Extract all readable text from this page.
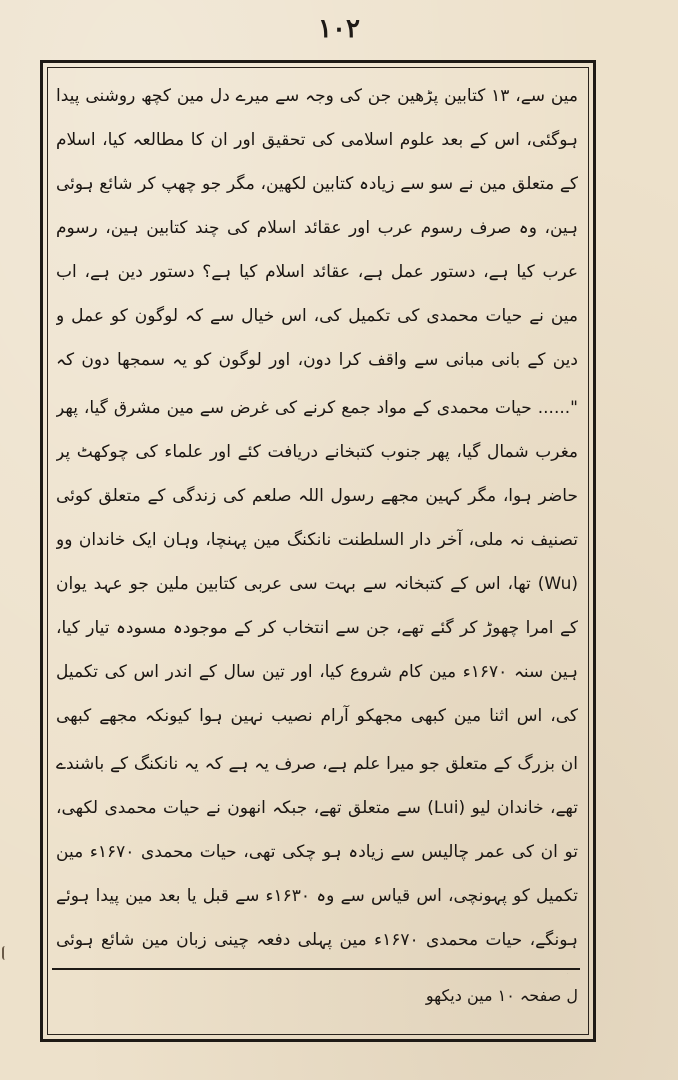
۱۰۲

مین سے، ۱۳ کتابین پڑھین جن کی وجہ سے میرے دل مین کچھ روشنی پیدا ہوگئی، اس کے بعد علوم اسلامی کی تحقیق اور ان کا مطالعہ کیا، اسلام کے متعلق مین نے سو سے زیادہ کتابین لکھین، مگر جو چھپ کر شائع ہوئی ہین، وہ صرف رسوم عرب اور عقائد اسلام کی چند کتابین ہین، رسوم عرب کیا ہے، دستور عمل ہے، عقائد اسلام کیا ہے؟ دستور دین ہے، اب مین نے حیات محمدی کی تکمیل کی، اس خیال سے کہ لوگون کو عمل و دین کے بانی مبانی سے واقف کرا دون، اور لوگون کو یہ سمجھا دون کہ

"...... حیات محمدی کے مواد جمع کرنے کی غرض سے مین مشرق گیا، پھر مغرب شمال گیا، پھر جنوب کتبخانے دریافت کئے اور علماء کی چوکھٹ پر حاضر ہوا، مگر کہین مجھے رسول اللہ صلعم کی زندگی کے متعلق کوئی تصنیف نہ ملی، آخر دار السلطنت نانکنگ مین پہنچا، وہان ایک خاندان وو (Wu) تھا، اس کے کتبخانہ سے بہت سی عربی کتابین ملین جو عہد یوان کے امرا چھوڑ کر گئے تھے، جن سے انتخاب کر کے موجودہ مسودہ تیار کیا، ہین سنہ ۱۶۷۰ء مین کام شروع کیا، اور تین سال کے اندر اس کی تکمیل کی، اس اثنا مین کبھی مجھکو آرام نصیب نہین ہوا کیونکہ مجھے کبھی

ان بزرگ کے متعلق جو میرا علم ہے، صرف یہ ہے کہ یہ نانکنگ کے باشندے تھے، خاندان لیو (Lui) سے متعلق تھے، جبکہ انھون نے حیات محمدی لکھی، تو ان کی عمر چالیس سے زیادہ ہو چکی تھی، حیات محمدی ۱۶۷۰ء مین تکمیل کو پہونچی، اس قیاس سے وہ ۱۶۳۰ء سے قبل یا بعد مین پیدا ہوئے ہونگے، حیات محمدی ۱۶۷۰ء مین پہلی دفعہ چینی زبان مین شائع ہوئی

ل صفحہ ۱۰ مین دیکھو
